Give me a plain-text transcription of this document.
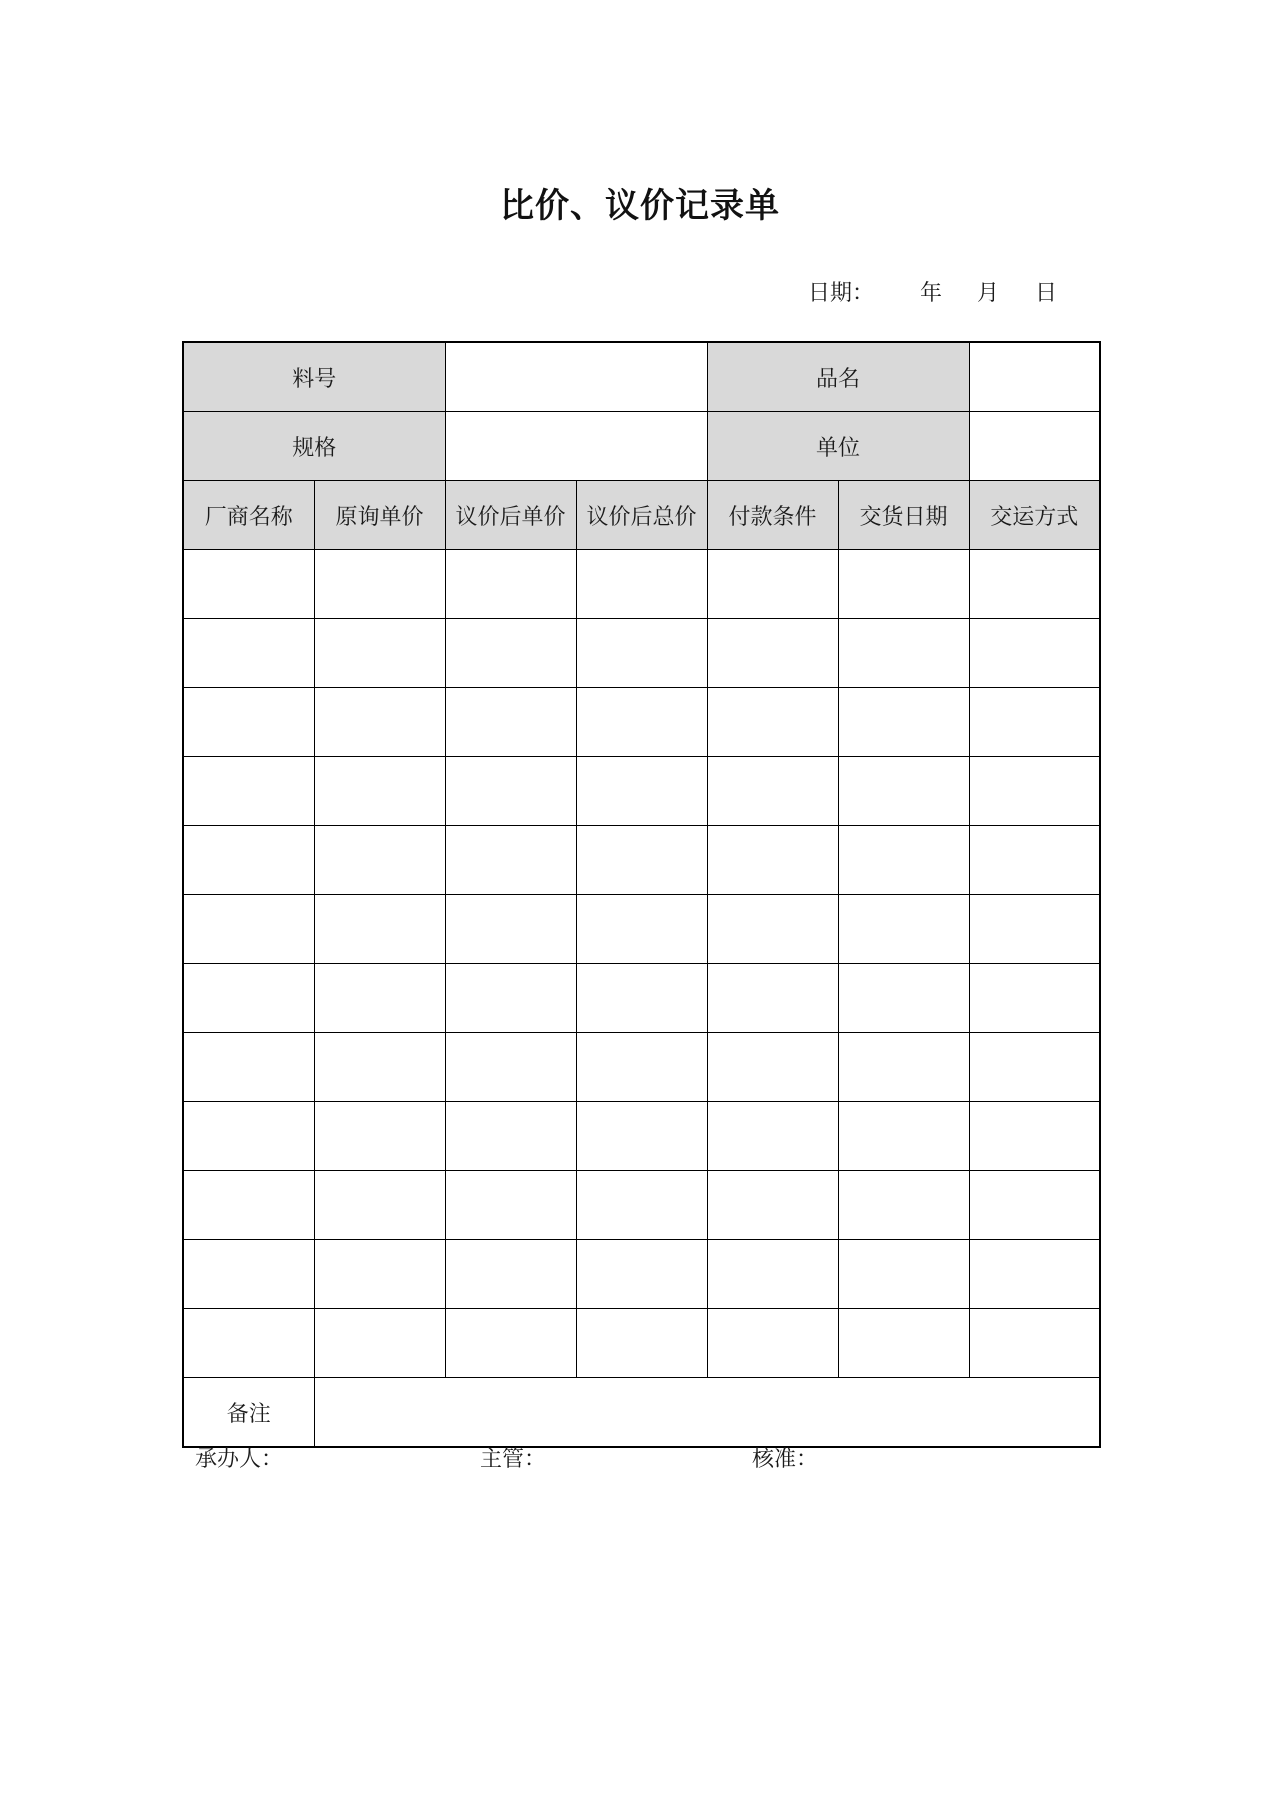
比价、议价记录单
日期： 年 月 日
料号				品名		
规格				单位		
厂商名称	原询单价	议价后单价	议价后总价	付款条件	交货日期	交运方式

备注						
承办人：	主管：	核准：
